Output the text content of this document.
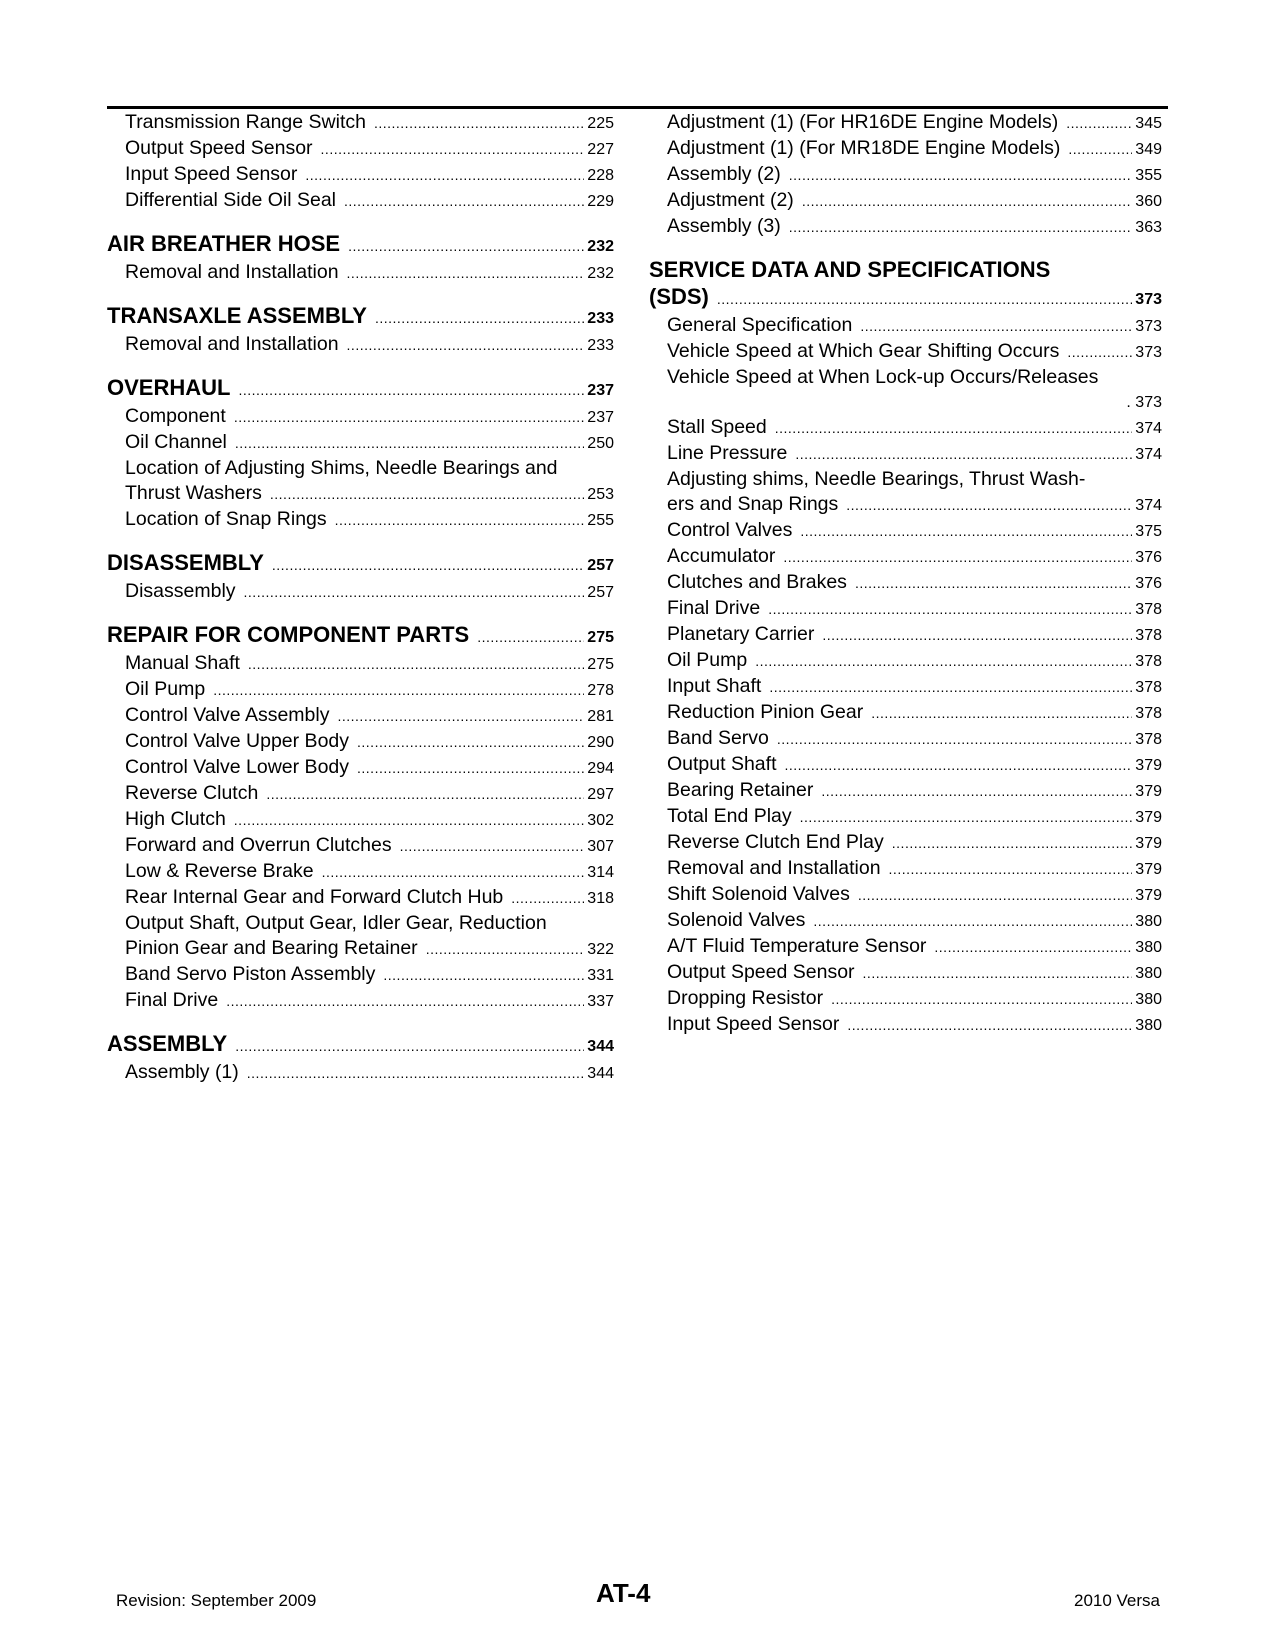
Transmission Range Switch .....	225
Output Speed Sensor .....	227
Input Speed Sensor .....	228
Differential Side Oil Seal .....	229
AIR BREATHER HOSE .....	232
Removal and Installation .....	232
TRANSAXLE ASSEMBLY .....	233
Removal and Installation .....	233
OVERHAUL .....	237
Component .....	237
Oil Channel .....	250
Location of Adjusting Shims, Needle Bearings and
Thrust Washers .....	253
Location of Snap Rings .....	255
DISASSEMBLY .....	257
Disassembly .....	257
REPAIR FOR COMPONENT PARTS .....	275
Manual Shaft .....	275
Oil Pump .....	278
Control Valve Assembly .....	281
Control Valve Upper Body .....	290
Control Valve Lower Body .....	294
Reverse Clutch .....	297
High Clutch .....	302
Forward and Overrun Clutches .....	307
Low & Reverse Brake .....	314
Rear Internal Gear and Forward Clutch Hub .....	318
Output Shaft, Output Gear, Idler Gear, Reduction
Pinion Gear and Bearing Retainer .....	322
Band Servo Piston Assembly .....	331
Final Drive .....	337
ASSEMBLY .....	344
Assembly (1) .....	344
Adjustment (1) (For HR16DE Engine Models) .....	345
Adjustment (1) (For MR18DE Engine Models) .....	349
Assembly (2) .....	355
Adjustment (2) .....	360
Assembly (3) .....	363
SERVICE DATA AND SPECIFICATIONS
(SDS) .....	373
General Specification .....	373
Vehicle Speed at Which Gear Shifting Occurs .....	373
Vehicle Speed at When Lock-up Occurs/Releases
. 373
Stall Speed .....	374
Line Pressure .....	374
Adjusting shims, Needle Bearings, Thrust Wash-
ers and Snap Rings .....	374
Control Valves .....	375
Accumulator .....	376
Clutches and Brakes .....	376
Final Drive .....	378
Planetary Carrier .....	378
Oil Pump .....	378
Input Shaft .....	378
Reduction Pinion Gear .....	378
Band Servo .....	378
Output Shaft .....	379
Bearing Retainer .....	379
Total End Play .....	379
Reverse Clutch End Play .....	379
Removal and Installation .....	379
Shift Solenoid Valves .....	379
Solenoid Valves .....	380
A/T Fluid Temperature Sensor .....	380
Output Speed Sensor .....	380
Dropping Resistor .....	380
Input Speed Sensor .....	380
Revision: September 2009	AT-4	2010 Versa
